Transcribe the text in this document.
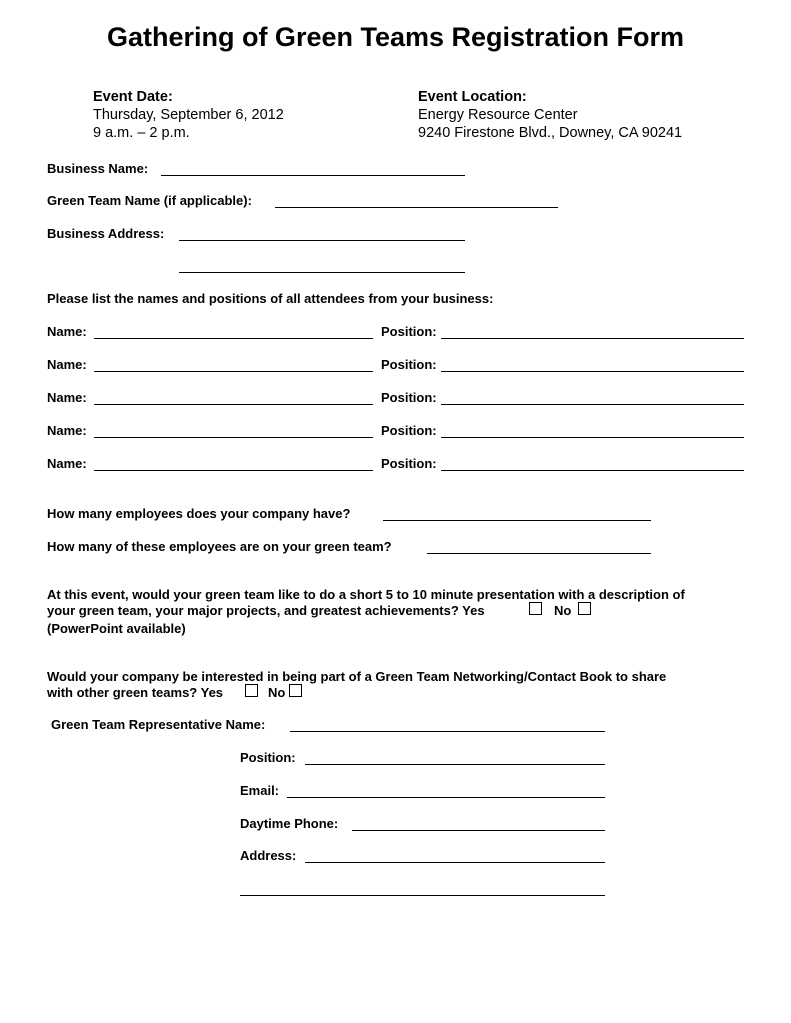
Gathering of Green Teams Registration Form
Event Date:
Thursday, September 6, 2012
9 a.m. – 2 p.m.
Event Location:
Energy Resource Center
9240 Firestone Blvd., Downey, CA 90241
Business Name:
Green Team Name (if applicable):
Business Address:
Please list the names and positions of all attendees from your business:
Name:	Position:
Name:	Position:
Name:	Position:
Name:	Position:
Name:	Position:
How many employees does your company have?
How many of these employees are on your green team?
At this event, would your green team like to do a short 5 to 10 minute presentation with a description of
your green team, your major projects, and greatest achievements? Yes	No
(PowerPoint available)
Would your company be interested in being part of a Green Team Networking/Contact Book to share
with other green teams? Yes	No
Green Team Representative Name:
Position:
Email:
Daytime Phone:
Address:
